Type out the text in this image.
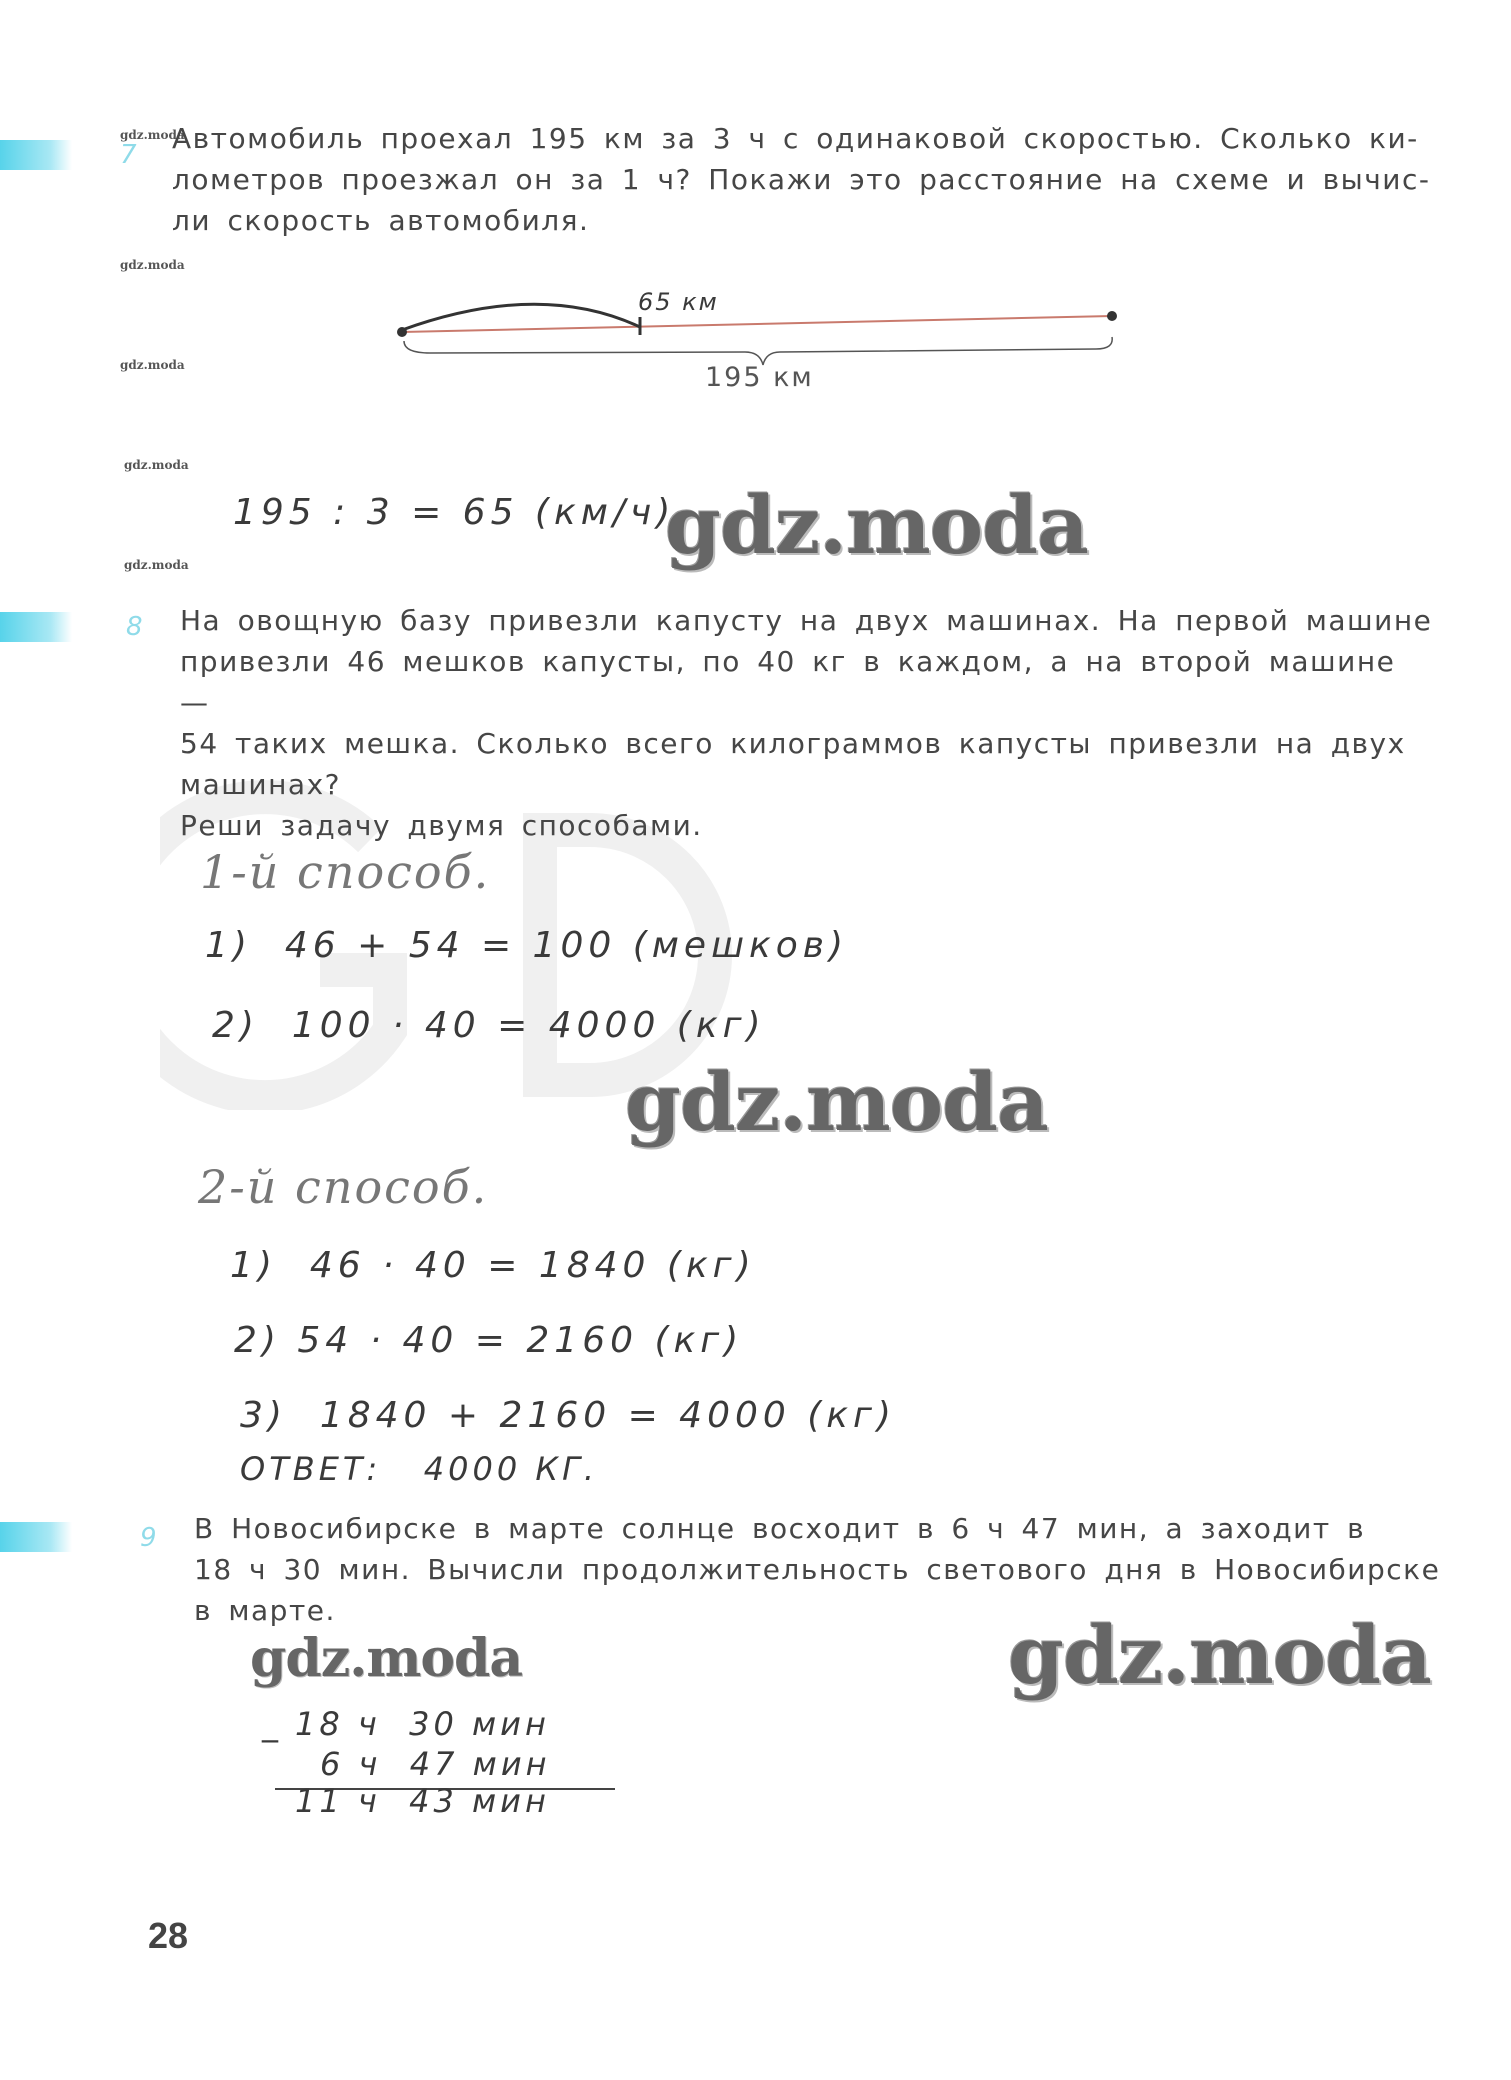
gdz.moda
gdz.moda
gdz.moda
gdz.moda
gdz.moda
7 Автомобиль проехал 195 км за 3 ч с одинаковой скоростью. Сколько ки-
лометров проезжал он за 1 ч? Покажи это расстояние на схеме и вычис-
ли скорость автомобиля.
65 км
195 км
195 : 3 = 65 (км/ч)
gdz.moda
8 На овощную базу привезли капусту на двух машинах. На первой машине
привезли 46 мешков капусты, по 40 кг в каждом, а на второй машине —
54 таких мешка. Сколько всего килограммов капусты привезли на двух
машинах?
Реши задачу двумя способами.
1-й способ.
1)  46 + 54 = 100 (мешков)
2)  100 · 40 = 4000 (кг)
gdz.moda
2-й способ.
1)  46 · 40 = 1840 (кг)
2) 54 · 40 = 2160 (кг)
3)  1840 + 2160 = 4000 (кг)
ОТВЕТ:   4000 КГ.
9 В Новосибирске в марте солнце восходит в 6 ч 47 мин, а заходит в
18 ч 30 мин. Вычисли продолжительность светового дня в Новосибирске
в марте.
gdz.moda	gdz.moda
_ 18 ч  30 мин
6 ч  47 мин
11 ч  43 мин
28
